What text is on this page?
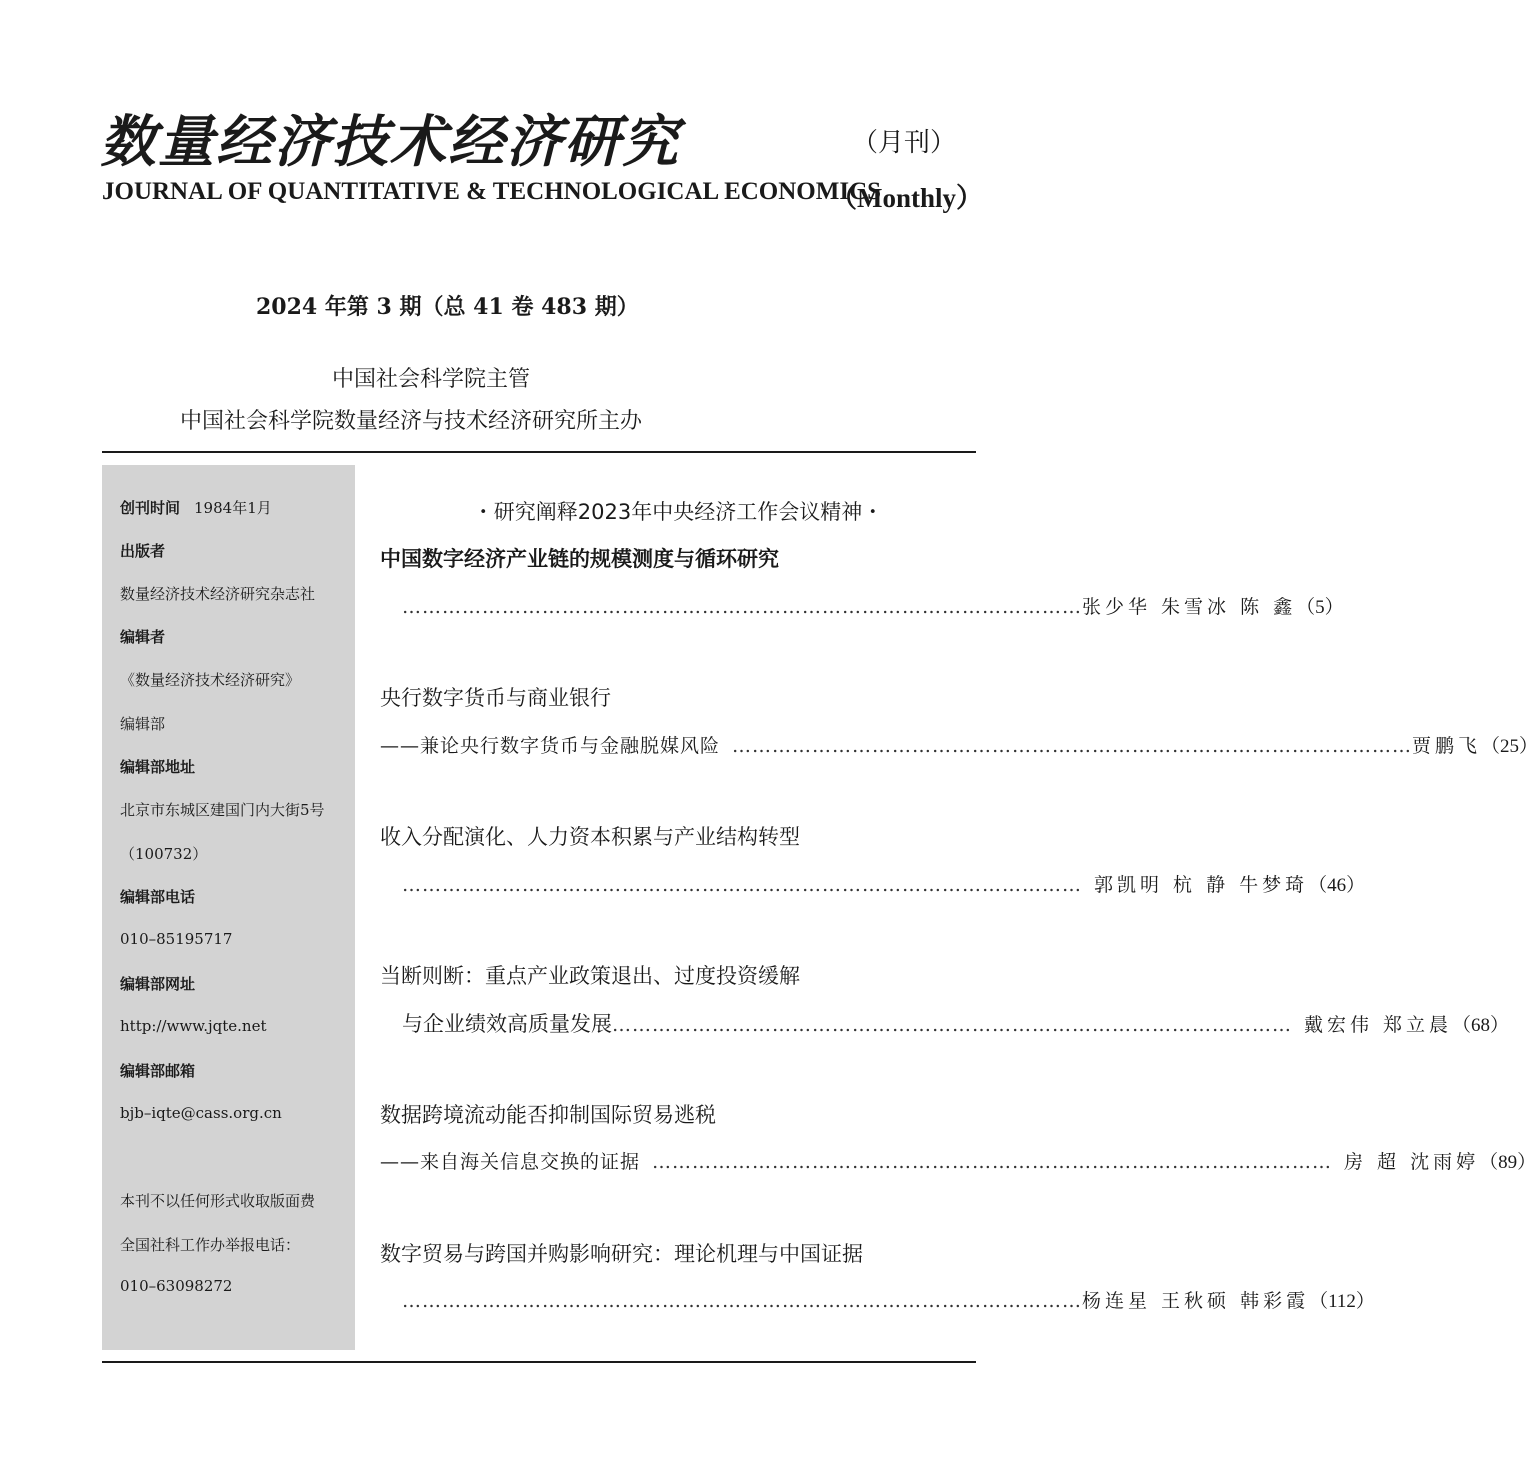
数量经济技术经济研究	（月刊）
JOURNAL OF QUANTITATIVE & TECHNOLOGICAL ECONOMICS
（Monthly）
2024 年第 3 期（总 41 卷 483 期）
中国社会科学院主管
中国社会科学院数量经济与技术经济研究所主办
创刊时间 1984年1月
出版者
数量经济技术经济研究杂志社
编辑者
《数量经济技术经济研究》
编辑部
编辑部地址
北京市东城区建国门内大街5号
（100732）
编辑部电话
010–85195717
编辑部网址
http://www.jqte.net
编辑部邮箱
bjb–iqte@cass.org.cn
本刊不以任何形式收取版面费
全国社科工作办举报电话：
010–63098272
・研究阐释2023年中央经济工作会议精神・
中国数字经济产业链的规模测度与循环研究
………………………………………………………………………………………… 张少华 朱雪冰 陈 鑫 （5）
央行数字货币与商业银行
——兼论央行数字货币与金融脱媒风险 ………………………………………………………………………………………… 贾鹏飞 （25）
收入分配演化、人力资本积累与产业结构转型
………………………………………………………………………………………… 郭凯明 杭 静 牛梦琦 （46）
当断则断：重点产业政策退出、过度投资缓解
与企业绩效高质量发展 ………………………………………………………………………………………… 戴宏伟 郑立晨 （68）
数据跨境流动能否抑制国际贸易逃税
——来自海关信息交换的证据 ………………………………………………………………………………………… 房 超 沈雨婷 （89）
数字贸易与跨国并购影响研究：理论机理与中国证据
………………………………………………………………………………………… 杨连星 王秋硕 韩彩霞 （112）
